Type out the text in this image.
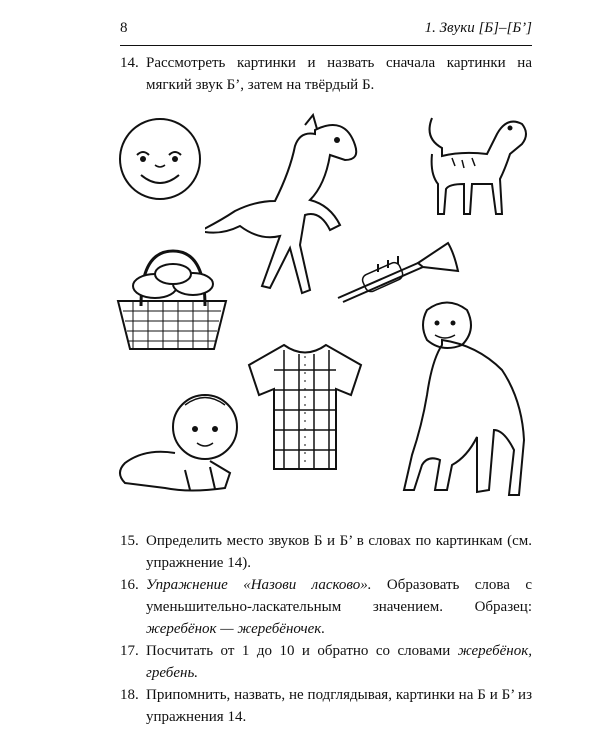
8	1. Звуки [Б]–[Б’]
14. Рассмотреть картинки и назвать сначала картинки на мягкий звук Б’, затем на твёрдый Б.
15. Определить место звуков Б и Б’ в словах по картинкам (см. упражнение 14).
16. Упражнение «Назови ласково». Образовать слова с уменьшительно-ласкательным значением. Образец: жеребёнок — жеребёночек.
17. Посчитать от 1 до 10 и обратно со словами жеребёнок, гребень.
18. Припомнить, назвать, не подглядывая, картинки на Б и Б’ из упражнения 14.
